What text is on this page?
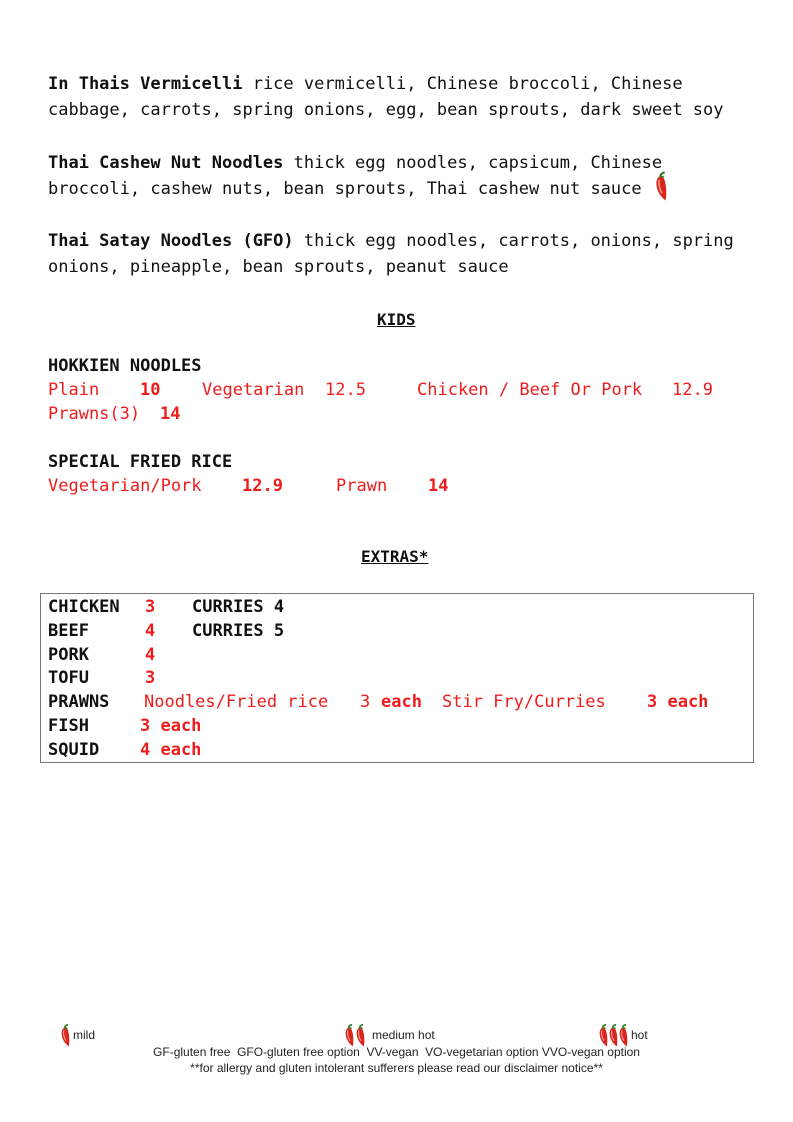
In Thais Vermicelli rice vermicelli, Chinese broccoli, Chinese
cabbage, carrots, spring onions, egg, bean sprouts, dark sweet soy
Thai Cashew Nut Noodles thick egg noodles, capsicum, Chinese
broccoli, cashew nuts, bean sprouts, Thai cashew nut sauce
Thai Satay Noodles (GFO) thick egg noodles, carrots, onions, spring
onions, pineapple, bean sprouts, peanut sauce
KIDS
HOKKIEN NOODLES
Plain 10 Vegetarian 12.5	Chicken / Beef Or Pork 12.9
Prawns(3) 14
SPECIAL FRIED RICE
Vegetarian/Pork 12.9	Prawn 14
EXTRAS*
CHICKEN 3 CURRIES 4
BEEF	4 CURRIES 5
PORK	4
TOFU	3
PRAWNS Noodles/Fried rice 3 each Stir Fry/Curries 3 each
FISH	3 each
SQUID 4 each
mild	medium hot	hot
GF-gluten free  GFO-gluten free option  VV-vegan  VO-vegetarian option VVO-vegan option
**for allergy and gluten intolerant sufferers please read our disclaimer notice**
